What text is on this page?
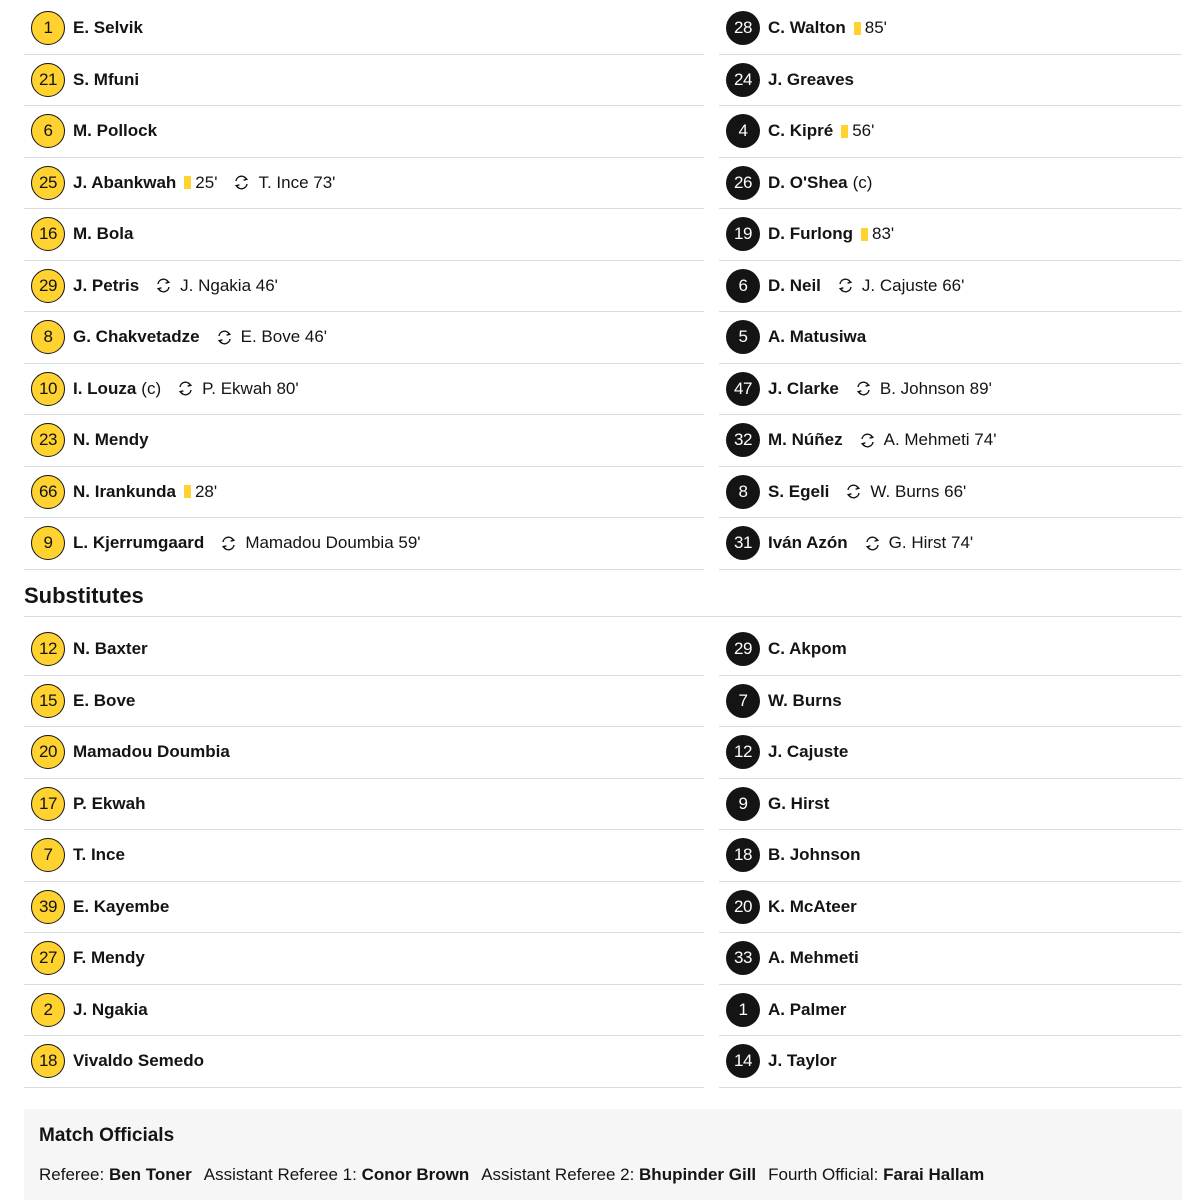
1	E. Selvik
21 S. Mfuni
6	M. Pollock
25 J. Abankwah 25' T. Ince 73'
16 M. Bola
29 J. Petris J. Ngakia 46'
8	G. Chakvetadze E. Bove 46'
10 I. Louza (c) P. Ekwah 80'
23 N. Mendy
66 N. Irankunda 28'
9	L. Kjerrumgaard Mamadou Doumbia 59'
28 C. Walton 85'
24 J. Greaves
4	C. Kipré 56'
26 D. O'Shea (c)
19 D. Furlong 83'
6	D. Neil J. Cajuste 66'
5	A. Matusiwa
47 J. Clarke B. Johnson 89'
32 M. Núñez A. Mehmeti 74'
8	S. Egeli W. Burns 66'
31 Iván Azón G. Hirst 74'
Substitutes
12 N. Baxter
15 E. Bove
20 Mamadou Doumbia
17 P. Ekwah
7	T. Ince
39 E. Kayembe
27 F. Mendy
2	J. Ngakia
18 Vivaldo Semedo
29 C. Akpom
7	W. Burns
12 J. Cajuste
9	G. Hirst
18 B. Johnson
20 K. McAteer
33 A. Mehmeti
1	A. Palmer
14 J. Taylor
Match Officials
Referee: Ben Toner Assistant Referee 1: Conor Brown Assistant Referee 2: Bhupinder Gill Fourth Official: Farai Hallam
